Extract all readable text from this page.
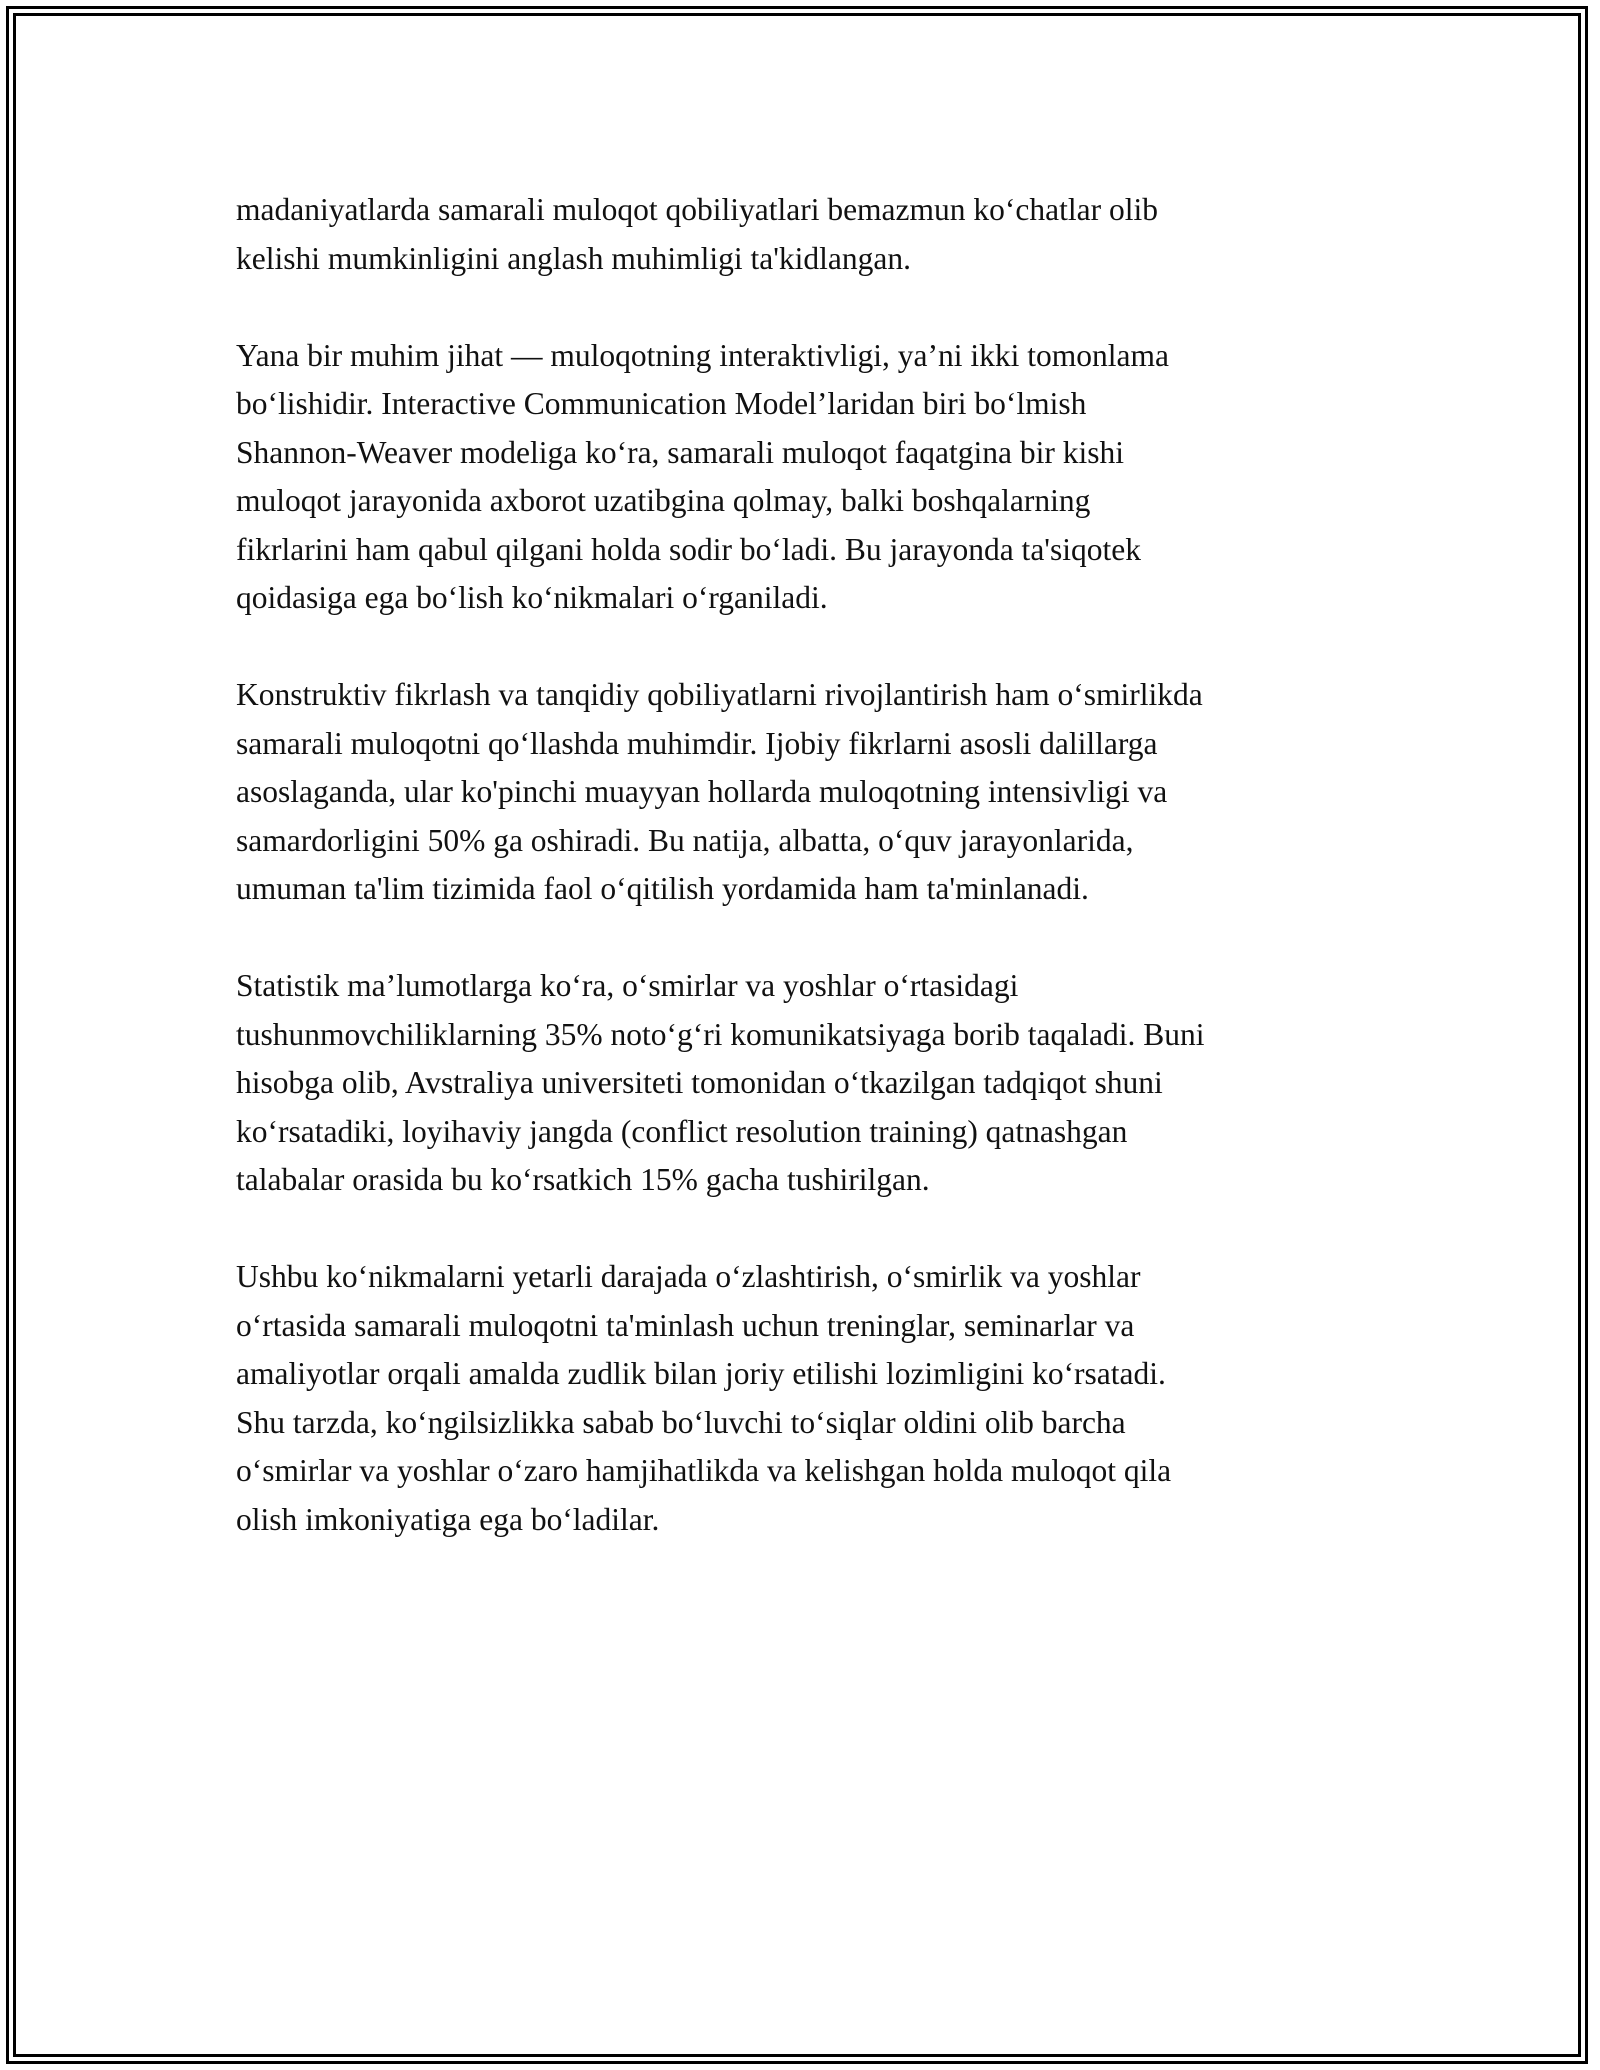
madaniyatlarda samarali muloqot qobiliyatlari bemazmun ko‘chatlar olib
kelishi mumkinligini anglash muhimligi ta'kidlangan.

Yana bir muhim jihat — muloqotning interaktivligi, ya’ni ikki tomonlama
bo‘lishidir. Interactive Communication Model’laridan biri bo‘lmish
Shannon-Weaver modeliga ko‘ra, samarali muloqot faqatgina bir kishi
muloqot jarayonida axborot uzatibgina qolmay, balki boshqalarning
fikrlarini ham qabul qilgani holda sodir bo‘ladi. Bu jarayonda ta'siqotek
qoidasiga ega bo‘lish ko‘nikmalari o‘rganiladi.

Konstruktiv fikrlash va tanqidiy qobiliyatlarni rivojlantirish ham o‘smirlikda
samarali muloqotni qo‘llashda muhimdir. Ijobiy fikrlarni asosli dalillarga
asoslaganda, ular ko'pinchi muayyan hollarda muloqotning intensivligi va
samardorligini 50% ga oshiradi. Bu natija, albatta, o‘quv jarayonlarida,
umuman ta'lim tizimida faol o‘qitilish yordamida ham ta'minlanadi.

Statistik ma’lumotlarga ko‘ra, o‘smirlar va yoshlar o‘rtasidagi
tushunmovchiliklarning 35% noto‘g‘ri komunikatsiyaga borib taqaladi. Buni
hisobga olib, Avstraliya universiteti tomonidan o‘tkazilgan tadqiqot shuni
ko‘rsatadiki, loyihaviy jangda (conflict resolution training) qatnashgan
talabalar orasida bu ko‘rsatkich 15% gacha tushirilgan.

Ushbu ko‘nikmalarni yetarli darajada o‘zlashtirish, o‘smirlik va yoshlar
o‘rtasida samarali muloqotni ta'minlash uchun treninglar, seminarlar va
amaliyotlar orqali amalda zudlik bilan joriy etilishi lozimligini ko‘rsatadi.
Shu tarzda, ko‘ngilsizlikka sabab bo‘luvchi to‘siqlar oldini olib barcha
o‘smirlar va yoshlar o‘zaro hamjihatlikda va kelishgan holda muloqot qila
olish imkoniyatiga ega bo‘ladilar.
